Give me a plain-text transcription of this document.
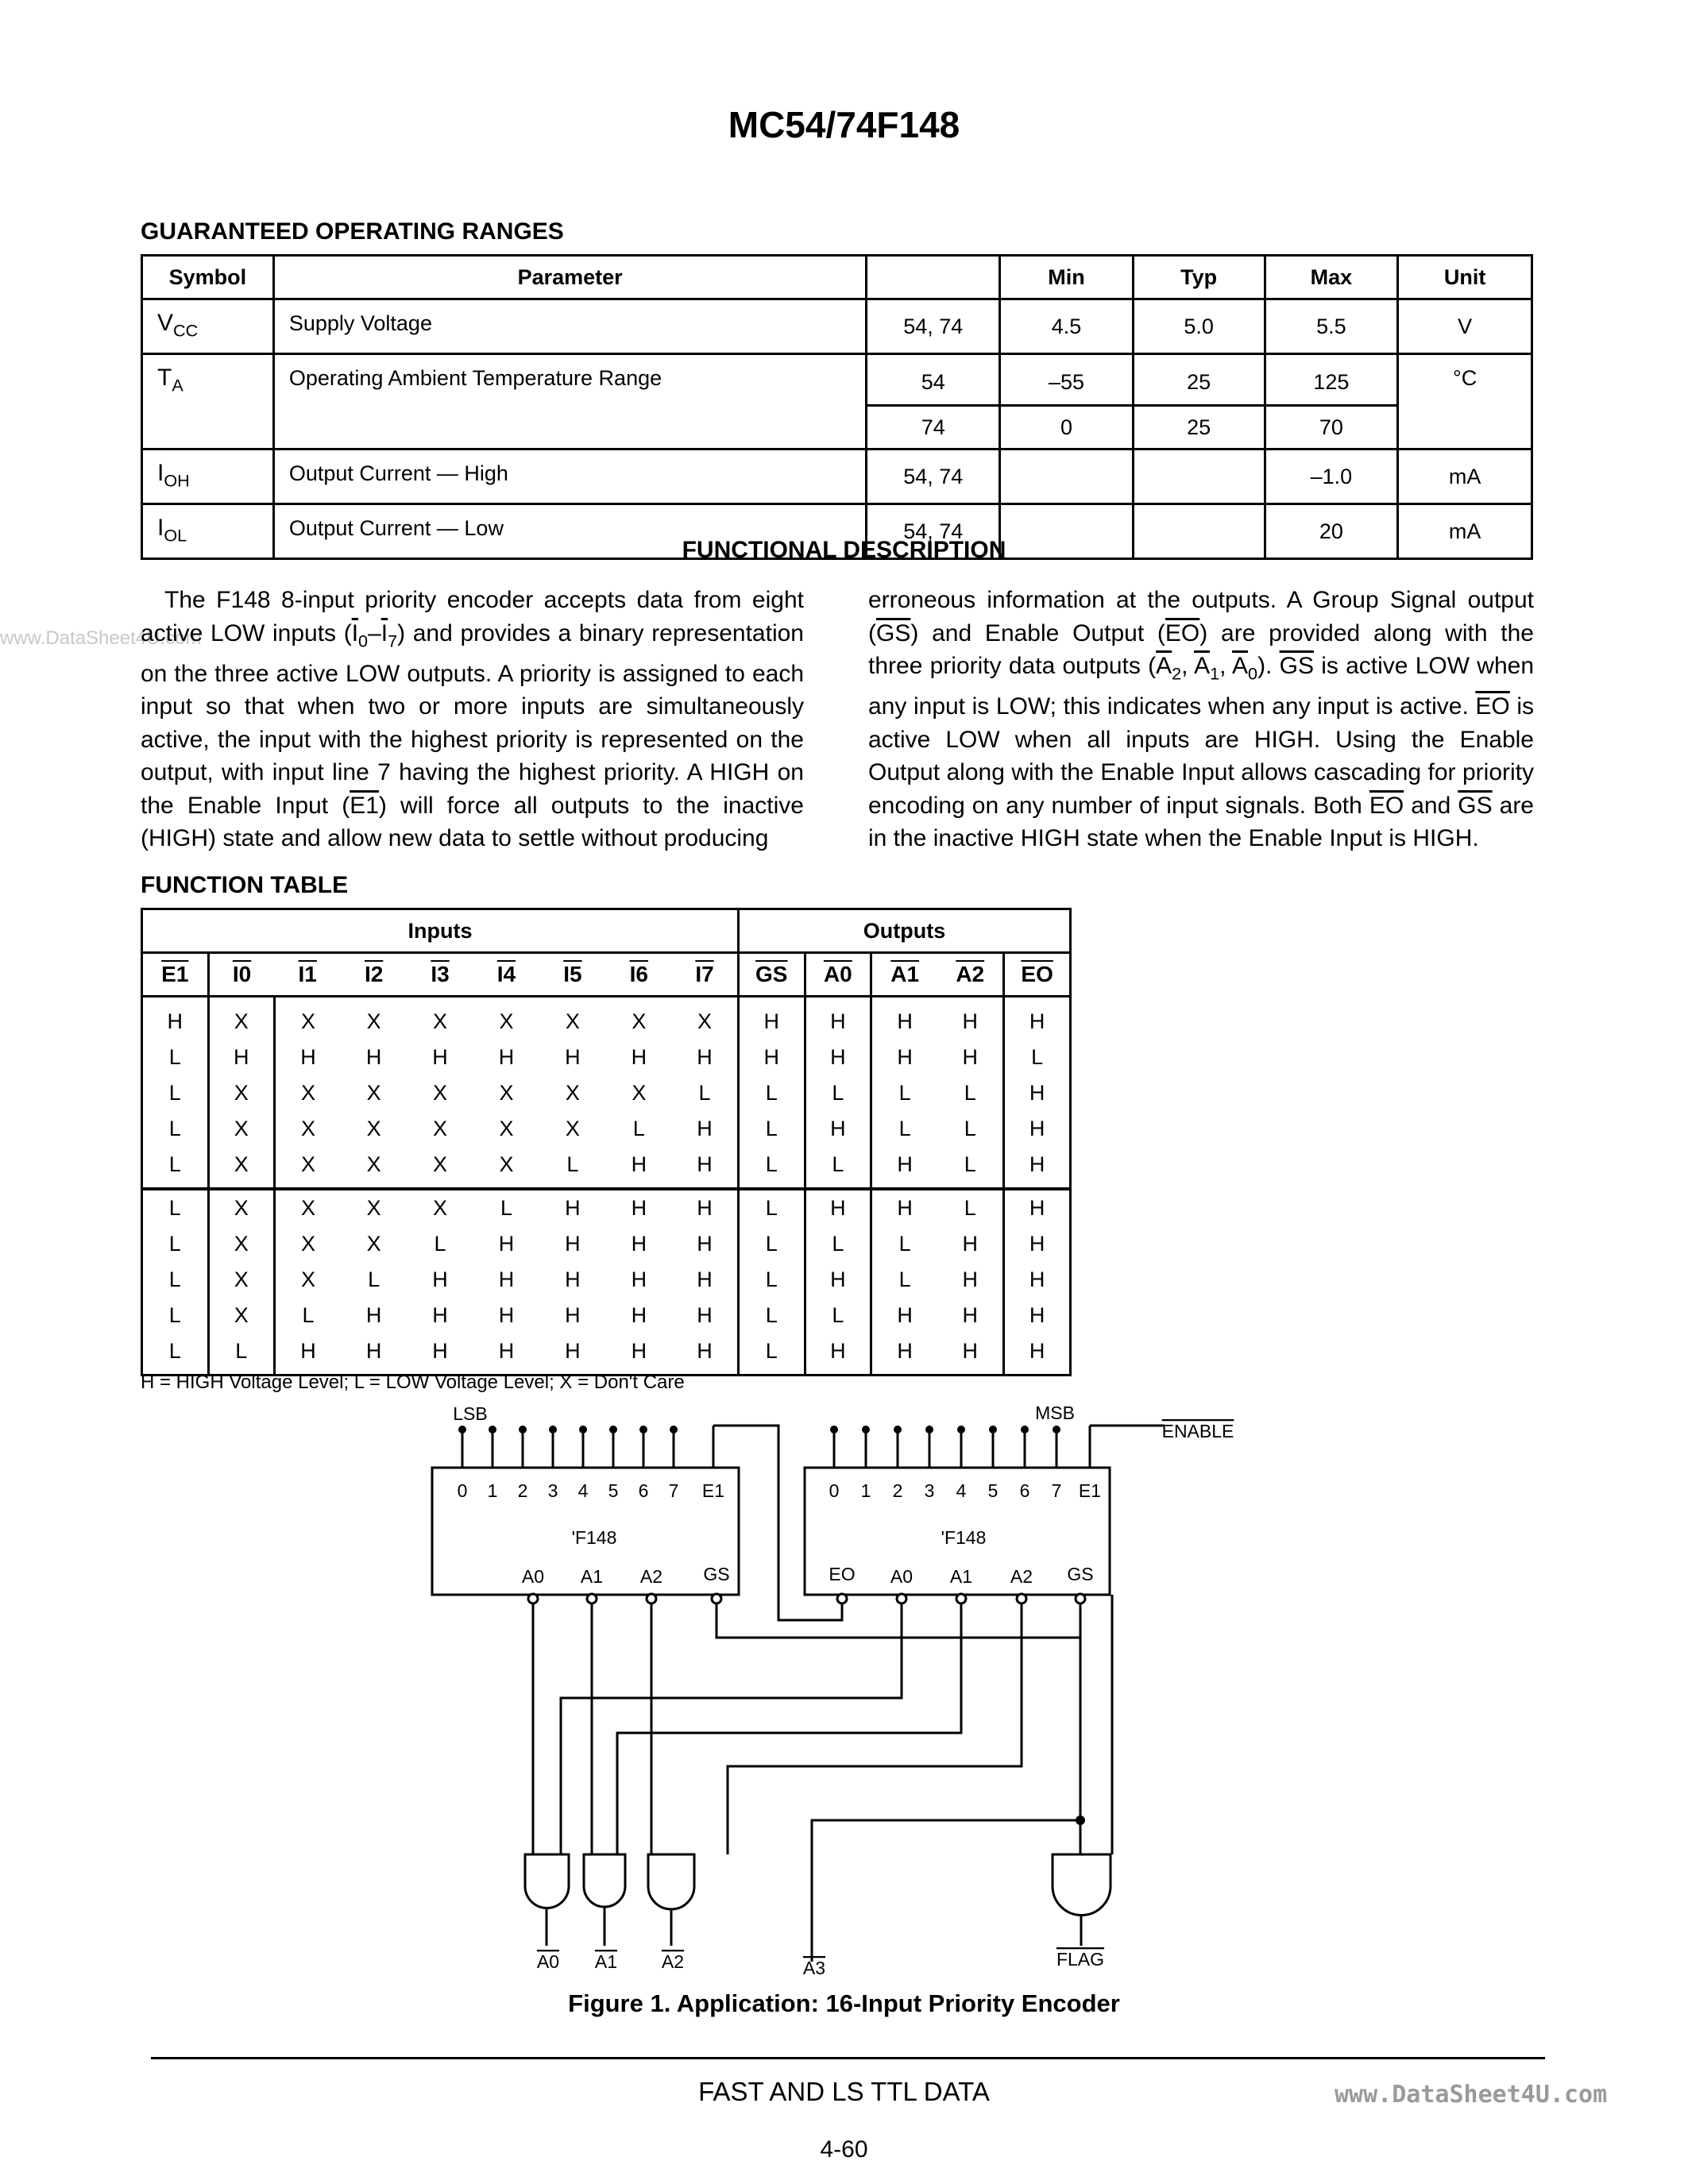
www.DataSheet4U.com
MC54/74F148
GUARANTEED OPERATING RANGES
Symbol	Parameter		Min	Typ	Max	Unit
$V_{CC}$	Supply Voltage	54, 74	4.5	5.0	5.5	V
$T_A$	Operating Ambient Temperature Range	54	–55	25	125	°C
		74	0	25	70	
$I_{OH}$	Output Current — High	54, 74			–1.0	mA
$I_{OL}$	Output Current — Low	54, 74			20	mA
FUNCTIONAL DESCRIPTION

The F148 8-input priority encoder accepts data from eight active LOW inputs $(\overline{I}_0-\overline{I}_7)$ and provides a binary representation on the three active LOW outputs. A priority is assigned to each input so that when two or more inputs are simultaneously active, the input with the highest priority is represented on the output, with input line 7 having the highest priority. A HIGH on the Enable Input (E1) will force all outputs to the inactive (HIGH) state and allow new data to settle without producing

erroneous information at the outputs. A Group Signal output $(\overline{GS})$ and Enable Output $(\overline{EO})$ are provided along with the three priority data outputs ($\overline{A}_2$, $\overline{A}_1$, $\overline{A}_0$). $\overline{GS}$ is active LOW when any input is LOW; this indicates when any input is active. $\overline{EO}$ is active LOW when all inputs are HIGH. Using the Enable Output along with the Enable Input allows cascading for priority encoding on any number of input signals. Both $\overline{EO}$ and $\overline{GS}$ are in the inactive HIGH state when the Enable Input is HIGH.

FUNCTION TABLE
Inputs									Outputs				
E1	I0	I1	I2	I3	I4	I5	I6	I7	$\overline{GS}$	A0	A1	A2	$\overline{EO}$
H	X	X	X	X	X	X	X	X	H	H	H	H	H
L	H	H	H	H	H	H	H	H	H	H	H	H	L
L	X	X	X	X	X	X	X	L	L	L	L	L	H
L	X	X	X	X	X	X	L	H	L	H	L	L	H
L	X	X	X	X	X	L	H	H	L	L	H	L	H
L	X	X	X	X	L	H	H	H	L	H	H	L	H
L	X	X	X	L	H	H	H	H	L	L	L	H	H
L	X	X	L	H	H	H	H	H	L	H	L	H	H
L	X	L	H	H	H	H	H	H	L	L	H	H	H
L	L	H	H	H	H	H	H	H	L	H	H	H	H
H = HIGH Voltage Level; L = LOW Voltage Level; X = Don't Care
LSB	MSB
ENABLE
0 1 2 3 4 5 6 7 E1	0 1 2 3 4 5 6 7 E1
'F148	'F148
A0 A1 A2 GS	EO A0 A1 A2 GS
A0 A1 A2	A3	FLAG
Figure 1. Application: 16-Input Priority Encoder
FAST AND LS TTL DATA
4-60
www.DataSheet4U.com
